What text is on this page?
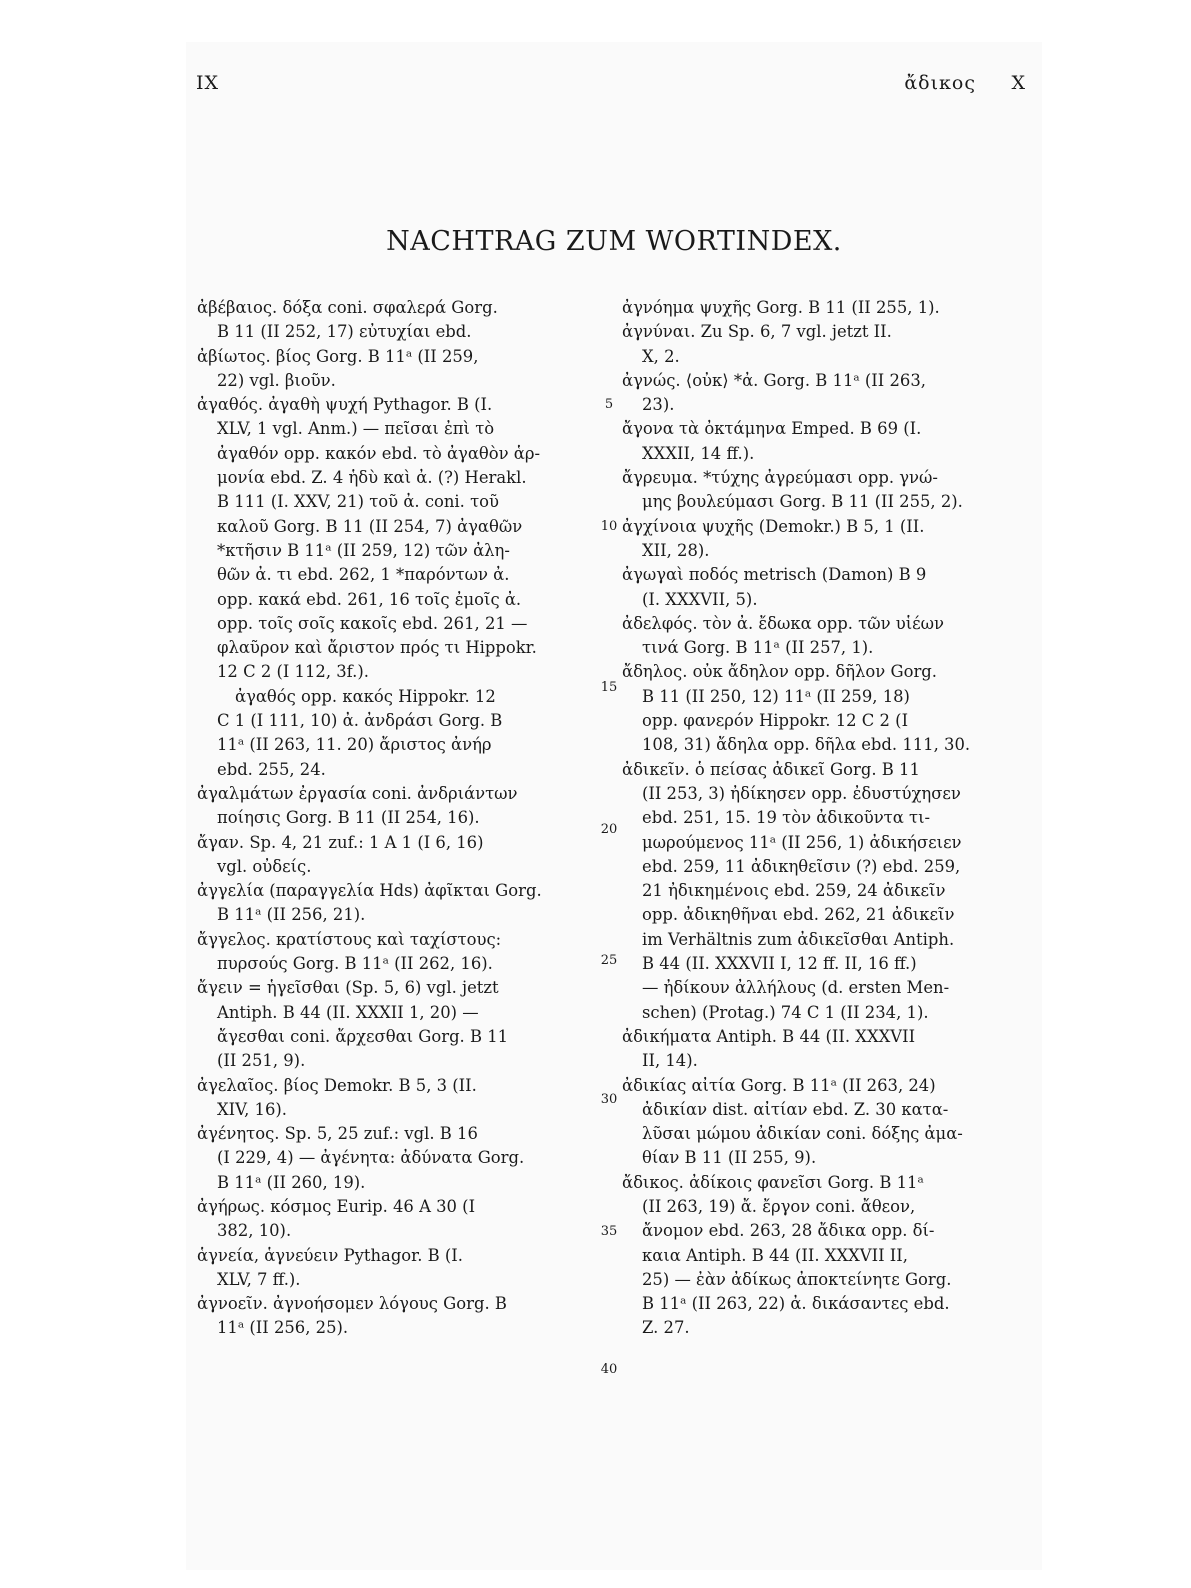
IX	ἄδικος X
NACHTRAG ZUM WORTINDEX.
ἀβέβαιος. δόξα coni. σφαλερά Gorg.
B 11 (II 252, 17) εὐτυχίαι ebd.
ἀβίωτος. βίος Gorg. B 11ᵃ (II 259,
22) vgl. βιοῦν.
ἀγαθός. ἀγαθὴ ψυχή Pythagor. B (I.
XLV, 1 vgl. Anm.) — πεῖσαι ἐπὶ τὸ
ἀγαθόν opp. κακόν ebd. τὸ ἀγαθὸν ἁρ-
μονία ebd. Z. 4 ἡδὺ καὶ ἀ. (?) Herakl.
B 111 (I. XXV, 21) τοῦ ἀ. coni. τοῦ
καλοῦ Gorg. B 11 (II 254, 7) ἀγαθῶν
*κτῆσιν B 11ᵃ (II 259, 12) τῶν ἀλη-
θῶν ἀ. τι ebd. 262, 1 *παρόντων ἀ.
opp. κακά ebd. 261, 16 τοῖς ἐμοῖς ἀ.
opp. τοῖς σοῖς κακοῖς ebd. 261, 21 —
φλαῦρον καὶ ἄριστον πρός τι Hippokr.
12 C 2 (I 112, 3f.).
ἀγαθός opp. κακός Hippokr. 12
C 1 (I 111, 10) ἀ. ἀνδράσι Gorg. B
11ᵃ (II 263, 11. 20) ἄριστος ἀνήρ
ebd. 255, 24.
ἀγαλμάτων ἐργασία coni. ἀνδριάντων
ποίησις Gorg. B 11 (II 254, 16).
ἄγαν. Sp. 4, 21 zuf.: 1 A 1 (I 6, 16)
vgl. οὐδείς.
ἀγγελία (παραγγελία Hds) ἀφῖκται Gorg.
B 11ᵃ (II 256, 21).
ἄγγελος. κρατίστους καὶ ταχίστους:
πυρσούς Gorg. B 11ᵃ (II 262, 16).
ἄγειν = ἡγεῖσθαι (Sp. 5, 6) vgl. jetzt
Antiph. B 44 (II. XXXII 1, 20) —
ἄγεσθαι coni. ἄρχεσθαι Gorg. B 11
(II 251, 9).
ἀγελαῖος. βίος Demokr. B 5, 3 (II.
XIV, 16).
ἀγένητος. Sp. 5, 25 zuf.: vgl. B 16
(I 229, 4) — ἀγένητα: ἀδύνατα Gorg.
B 11ᵃ (II 260, 19).
ἀγήρως. κόσμος Eurip. 46 A 30 (I
382, 10).
ἁγνεία, ἁγνεύειν Pythagor. B (I.
XLV, 7 ff.).
ἀγνοεῖν. ἀγνοήσομεν λόγους Gorg. B
11ᵃ (II 256, 25).
5
10
15
20
25
30
35
40
ἀγνόημα ψυχῆς Gorg. B 11 (II 255, 1).
ἀγνύναι. Zu Sp. 6, 7 vgl. jetzt II.
X, 2.
ἀγνώς. ⟨οὐκ⟩ *ἀ. Gorg. B 11ᵃ (II 263,
23).
ἄγονα τὰ ὀκτάμηνα Emped. B 69 (I.
XXXII, 14 ff.).
ἄγρευμα. *τύχης ἀγρεύμασι opp. γνώ-
μης βουλεύμασι Gorg. B 11 (II 255, 2).
ἀγχίνοια ψυχῆς (Demokr.) B 5, 1 (II.
XII, 28).
ἀγωγαὶ ποδός metrisch (Damon) B 9
(I. XXXVII, 5).
ἀδελφός. τὸν ἀ. ἔδωκα opp. τῶν υἱέων
τινά Gorg. B 11ᵃ (II 257, 1).
ἄδηλος. οὐκ ἄδηλον opp. δῆλον Gorg.
B 11 (II 250, 12) 11ᵃ (II 259, 18)
opp. φανερόν Hippokr. 12 C 2 (I
108, 31) ἄδηλα opp. δῆλα ebd. 111, 30.
ἀδικεῖν. ὁ πείσας ἀδικεῖ Gorg. B 11
(II 253, 3) ἠδίκησεν opp. ἐδυστύχησεν
ebd. 251, 15. 19 τὸν ἀδικοῦντα τι-
μωρούμενος 11ᵃ (II 256, 1) ἀδικήσειεν
ebd. 259, 11 ἀδικηθεῖσιν (?) ebd. 259,
21 ἠδικημένοις ebd. 259, 24 ἀδικεῖν
opp. ἀδικηθῆναι ebd. 262, 21 ἀδικεῖν
im Verhältnis zum ἀδικεῖσθαι Antiph.
B 44 (II. XXXVII I, 12 ff. II, 16 ff.)
— ἠδίκουν ἀλλήλους (d. ersten Men-
schen) (Protag.) 74 C 1 (II 234, 1).
ἀδικήματα Antiph. B 44 (II. XXXVII
II, 14).
ἀδικίας αἰτία Gorg. B 11ᵃ (II 263, 24)
ἀδικίαν dist. αἰτίαν ebd. Z. 30 κατα-
λῦσαι μώμου ἀδικίαν coni. δόξης ἀμα-
θίαν B 11 (II 255, 9).
ἄδικος. ἀδίκοις φανεῖσι Gorg. B 11ᵃ
(II 263, 19) ἄ. ἔργον coni. ἄθεον,
ἄνομον ebd. 263, 28 ἄδικα opp. δί-
καια Antiph. B 44 (II. XXXVII II,
25) — ἐὰν ἀδίκως ἀποκτείνητε Gorg.
B 11ᵃ (II 263, 22) ἀ. δικάσαντες ebd.
Z. 27.
